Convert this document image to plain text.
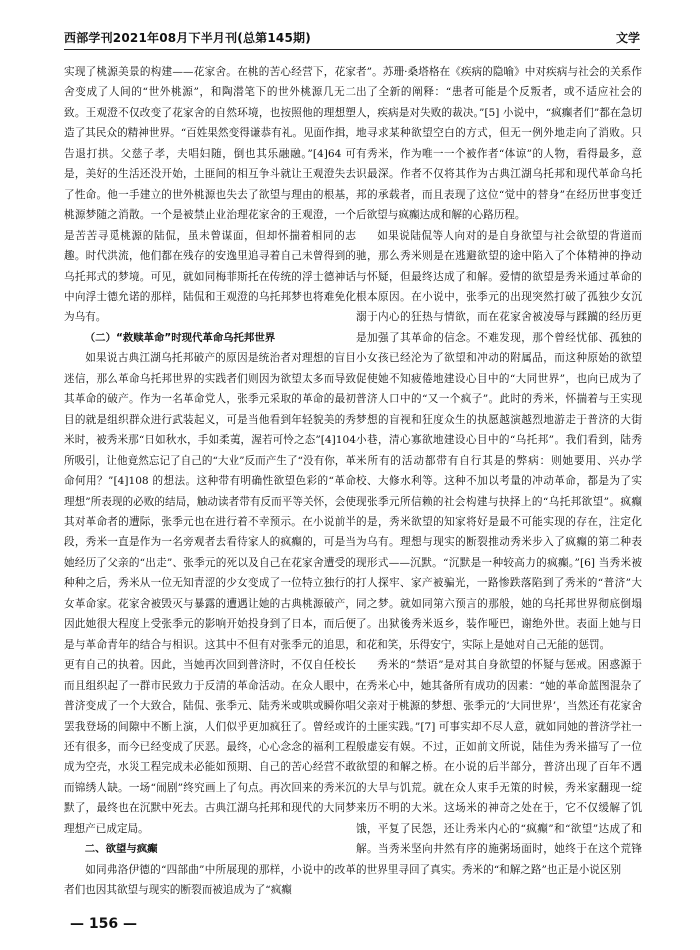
西部学刊2021年08月下半月刊(总第145期)	文学

实现了桃源美景的构建——花家舍。在桃的苦心经营下，花家舍变成了人间的“世外桃源”，和陶潜笔下的世外桃源几无二致。王观澄不仅改变了花家舍的自然环境，也按照他的理想塑造了其民众的精神世界。“百姓果然变得谦恭有礼。见面作揖，告退打拱。父慈子孝，夫唱妇随，倒也其乐融融。”[4]64 可是，美好的生活还没开始，土匪间的相互争斗就让王观澄失去了性命。他一手建立的世外桃源也失去了欲望与理由的根基，桃源梦随之消散。一个是被禁止业治理花家舍的王观澄，一个是苦苦寻觅桃源的陆侃，虽未曾谋面，但却怀揣着相同的志趣。时代洪流，他们都在残存的安逸里追寻着自己未曾得到的乌托邦式的梦境。可见，就如同梅菲斯托在传统的浮士德神话中向浮士德允诺的那样，陆侃和王观澄的乌托邦梦也将难免化为乌有。

（二）“救赎革命”时现代革命乌托邦世界

如果说古典江湖乌托邦破产的原因是统治者对理想的盲目迷信，那么革命乌托邦世界的实践者们则因为欲望太多而导致其革命的破产。作为一名革命党人，张季元采取的革命的最初目的就是组织群众进行武装起义，可是当他看到年轻貌美的秀米时，被秀米那“日如秋水，手如柔荑，渥若可怜之态”[4]104 所吸引，让他竟然忘记了自己的“大业”反而产生了“没有你，革命何用？”[4]108 的想法。这种带有明确性欲望色彩的“革命理想”所表现的必败的结局，触动读者带有反而平等关怀，会使其对革命者的遭际，张季元也在进行着不幸预示。在小说前半段，秀米一直是作为一名旁观者去看待家人的疯癫的，可是当她经历了父亲的“出走”、张季元的死以及自己在花家舍遭受的种种之后，秀米从一位无知青涩的少女变成了一位特立独行的女革命家。花家舍被毁灭与暴露的遭遇让她的古典桃源破产，因此她很大程度上受张季元的影响开始投身到了日本，而后便是与革命青年的结合与相识。这其中不但有对张季元的追思，更有自己的执着。因此，当她再次回到普济时，不仅自任校长而且组织起了一群市民致力于反清的革命活动。在众人眼中，普济变成了一个大致合，陆侃、张季元、陆秀米或哄或瞬你唱罢我登场的间隙中不断上演，人们似乎更加疯狂了。曾经或许还有很多，而今已经变成了厌恶。最终，心心念念的福利工程成为空壳，水災工程完成未必能如预期、自己的苦心经营不敢而锦绣人缺。一场“闹剧”终究画上了句点。再次回来的秀米沉默了，最终也在沉默中死去。古典江湖乌托邦和现代的大同梦理想产已成定局。

二、欲望与疯癫

如同弗洛伊德的“四部曲”中所展现的那样，小说中的改革者们也因其欲望与现实的断裂而被追成为了“疯癫

者”。苏珊·桑塔格在《疾病的隐喻》中对疾病与社会的关系作出了全新的阐释：“患者可能是个反叛者，或不适应社会的人，疾病是对失败的裁决。”[5] 小说中，“疯癫者们”都在急切地寻求某种欲望空白的方式，但无一例外地走向了消败。只有秀米，作为唯一一个被作者“体谅”的人物，看得最多，意识最深。作者不仅将其作为古典江湖乌托邦和现代革命乌托邦的承载者，而且表现了这位“觉中的替身”在经历世事变迁后欲望与疯癫达成和解的心路历程。

如果说陆侃等人向对的是自身欲望与社会欲望的背道而驰，那么秀米则是在逃避欲望的途中陷入了个体精神的挣动与怀疑，但最终达成了和解。爱情的欲望是秀米通过革命的根本原因。在小说中，张季元的出现突然打破了孤独少女沉溺于内心的狂热与情欲，而在花家舍被凌辱与蹂躏的经历更是加强了其革命的信念。不难发现，那个曾经忧郁、孤独的小女孩已经沦为了欲望和冲动的附属品，而这种原始的欲望促使她不知疲倦地建设心目中的“大同世界”，也向已成为了普济人口中的“又一个疯子”。此时的秀米，怀揣着与王实现梦想的盲视和狂度众生的执愿越演越烈地游走于普济的大街小巷，清心寡欲地建设心目中的“乌托邦”。我们看到，陆秀米所有的活动都带有自行其是的弊病：则她要用、兴办学校、大修水利等。这种不加以考量的冲动革命，都是为了实现张季元所信赖的社会构建与抉择上的“乌托邦欲望”。疯癫的是，秀米欲望的知家将好是最不可能实现的存在，注定化为乌有。理想与现实的断裂推动秀米步入了疯癫的第二种表现形式——沉默。“沉默是一种较高力的疯癫。”[6] 当秀米被打人探牢、家产被骗光，一路惨跌落陷到了秀米的“普济”大同之梦。就如同第六预言的那般，她的乌托邦世界彻底倒塌了。出狱後秀米返乡，装作哑巴，谢绝外世。表面上她与日和花和笑，乐得安宁，实际上是她对自己无能的惩罚。

秀米的“禁语”是对其自身欲望的怀疑与惩戒。困惑源于在秀米心中，她其备所有成功的因素：“她的革命蓝图混杂了父亲对于桃源的梦想、张季元的‘大同世界’，当然还有花家舍的土匪实践。”[7] 可事实却不尽人意，就如同她的普济学社一般虚妄有娱。不过，正如前文所说，陆佳为秀米描写了一位欲望的和解之桥。在小说的后半部分，普济出现了百年不遇的大旱与饥荒。就在众人束手无策的时候，秀米家翻现一绽来历不明的大米。这场米的神奇之处在于，它不仅缓解了饥饿，平复了民怨，还让秀米内心的“疯癫”和“欲望”达成了和解。当秀米坚向井然有序的施粥场面时，她终于在这个荒锋的世界里寻回了真实。秀米的“和解之路”也正是小说区别

— 156 —
